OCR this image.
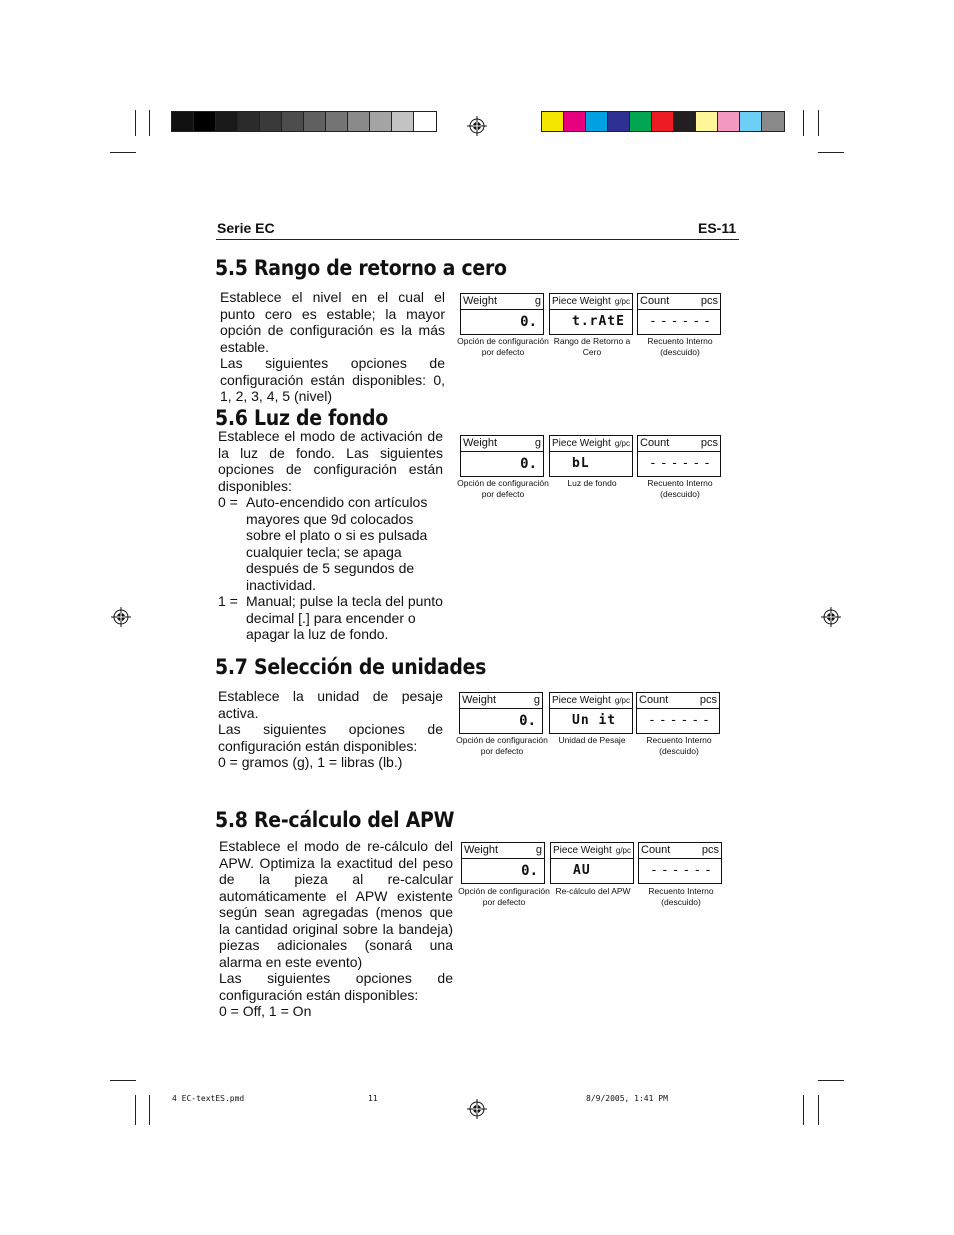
Serie EC	ES-11
5.5 Rango de retorno a cero

Establece el nivel en el cual el punto cero es estable; la mayor opción de configuración es la más estable.

Las siguientes opciones de configuración están disponibles: 0, 1, 2, 3, 4, 5 (nivel)

5.6 Luz de fondo

Establece el modo de activación de la luz de fondo. Las siguientes opciones de configuración están disponibles:

0 = Auto-encendido con artículos mayores que 9d colocados sobre el plato o si es pulsada cualquier tecla; se apaga después de 5 segundos de inactividad.
1 = Manual; pulse la tecla del punto decimal [.] para encender o apagar la luz de fondo.
5.7 Selección de unidades

Establece la unidad de pesaje activa.

Las siguientes opciones de configuración están disponibles:

0 = gramos (g), 1 = libras (lb.)

5.8 Re-cálculo del APW

Establece el modo de re-cálculo del APW. Optimiza la exactitud del peso de la pieza al re-calcular automáticamente el APW existente según sean agregadas (menos que la cantidad original sobre la bandeja) piezas adicionales (sonará una alarma en este evento)

Las siguientes opciones de configuración están disponibles:

0 = Off, 1 = On

Weight	g
0.
Opción de configuración por defecto
Piece Weight g/pc
t.rAtE
Rango de Retorno a Cero
Count	pcs
------
Recuento Interno (descuido)
Weight	g
0.
Opción de configuración por defecto
Piece Weight g/pc
bL
Luz de fondo
Count	pcs
------
Recuento Interno (descuido)
Weight	g
0.
Opción de configuración por defecto
Piece Weight g/pc
Un it
Unidad de Pesaje
Count	pcs
------
Recuento Interno (descuido)
Weight	g
0.
Opción de configuración por defecto
Piece Weight g/pc
AU
Re-cálculo del APW
Count	pcs
------
Recuento Interno (descuido)
4 EC-textES.pmd	11	8/9/2005, 1:41 PM
